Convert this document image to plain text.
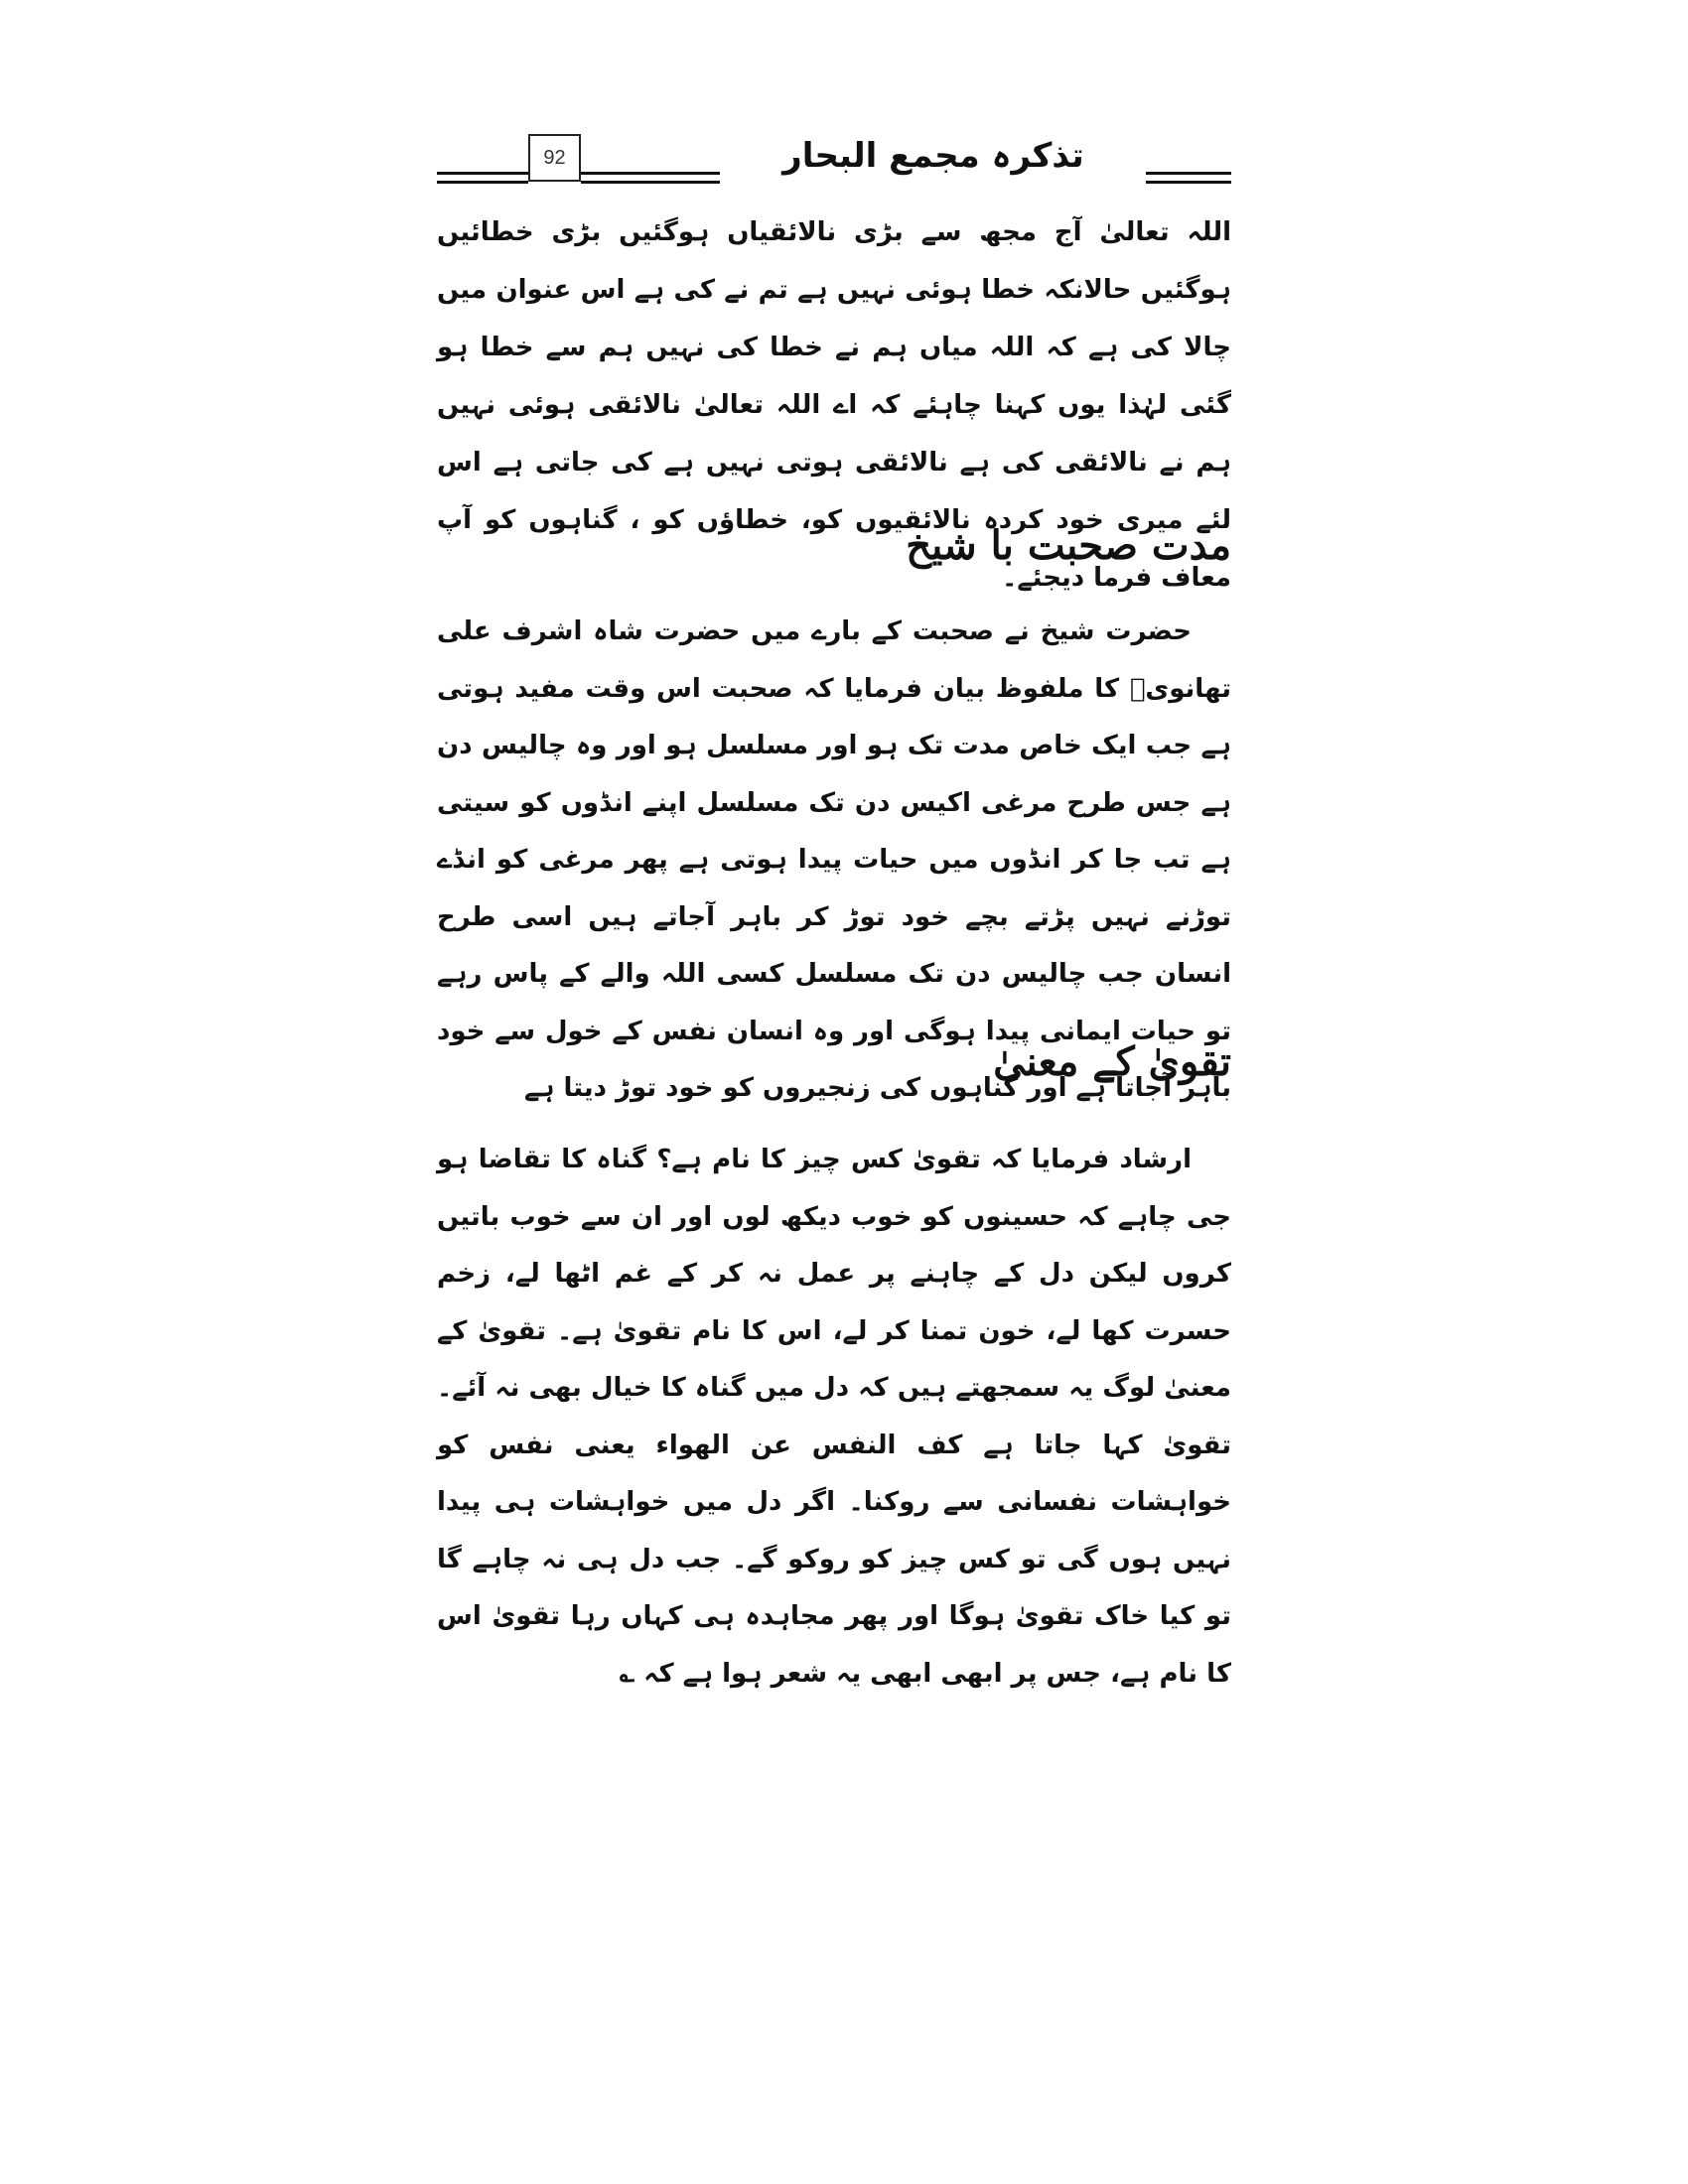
92	تذکرہ مجمع البحار

اللہ تعالیٰ آج مجھ سے بڑی نالائقیاں ہوگئیں بڑی خطائیں ہوگئیں حالانکہ خطا ہوئی نہیں ہے تم نے کی ہے اس عنوان میں چالا کی ہے کہ اللہ میاں ہم نے خطا کی نہیں ہم سے خطا ہو گئی لہٰذا یوں کہنا چاہئے کہ اے اللہ تعالیٰ نالائقی ہوئی نہیں ہم نے نالائقی کی ہے نالائقی ہوتی نہیں ہے کی جاتی ہے اس لئے میری خود کردہ نالائقیوں کو، خطاؤں کو ، گناہوں کو آپ معاف فرما دیجئے۔

مدت صحبت با شیخ

حضرت شیخ نے صحبت کے بارے میں حضرت شاہ اشرف علی تھانویؒ کا ملفوظ بیان فرمایا کہ صحبت اس وقت مفید ہوتی ہے جب ایک خاص مدت تک ہو اور مسلسل ہو اور وہ چالیس دن ہے جس طرح مرغی اکیس دن تک مسلسل اپنے انڈوں کو سیتی ہے تب جا کر انڈوں میں حیات پیدا ہوتی ہے پھر مرغی کو انڈے توڑنے نہیں پڑتے بچے خود توڑ کر باہر آجاتے ہیں اسی طرح انسان جب چالیس دن تک مسلسل کسی اللہ والے کے پاس رہے تو حیات ایمانی پیدا ہوگی اور وہ انسان نفس کے خول سے خود باہر آجاتا ہے اور گناہوں کی زنجیروں کو خود توڑ دیتا ہے

تقویٰ کے معنیٰ

ارشاد فرمایا کہ تقویٰ کس چیز کا نام ہے؟ گناہ کا تقاضا ہو جی چاہے کہ حسینوں کو خوب دیکھ لوں اور ان سے خوب باتیں کروں لیکن دل کے چاہنے پر عمل نہ کر کے غم اٹھا لے، زخم حسرت کھا لے، خون تمنا کر لے، اس کا نام تقویٰ ہے۔ تقویٰ کے معنیٰ لوگ یہ سمجھتے ہیں کہ دل میں گناہ کا خیال بھی نہ آئے۔ تقویٰ کہا جاتا ہے کف النفس عن الھواء یعنی نفس کو خواہشات نفسانی سے روکنا۔ اگر دل میں خواہشات ہی پیدا نہیں ہوں گی تو کس چیز کو روکو گے۔ جب دل ہی نہ چاہے گا تو کیا خاک تقویٰ ہوگا اور پھر مجاہدہ ہی کہاں رہا تقویٰ اس کا نام ہے، جس پر ابھی ابھی یہ شعر ہوا ہے کہ ؎
